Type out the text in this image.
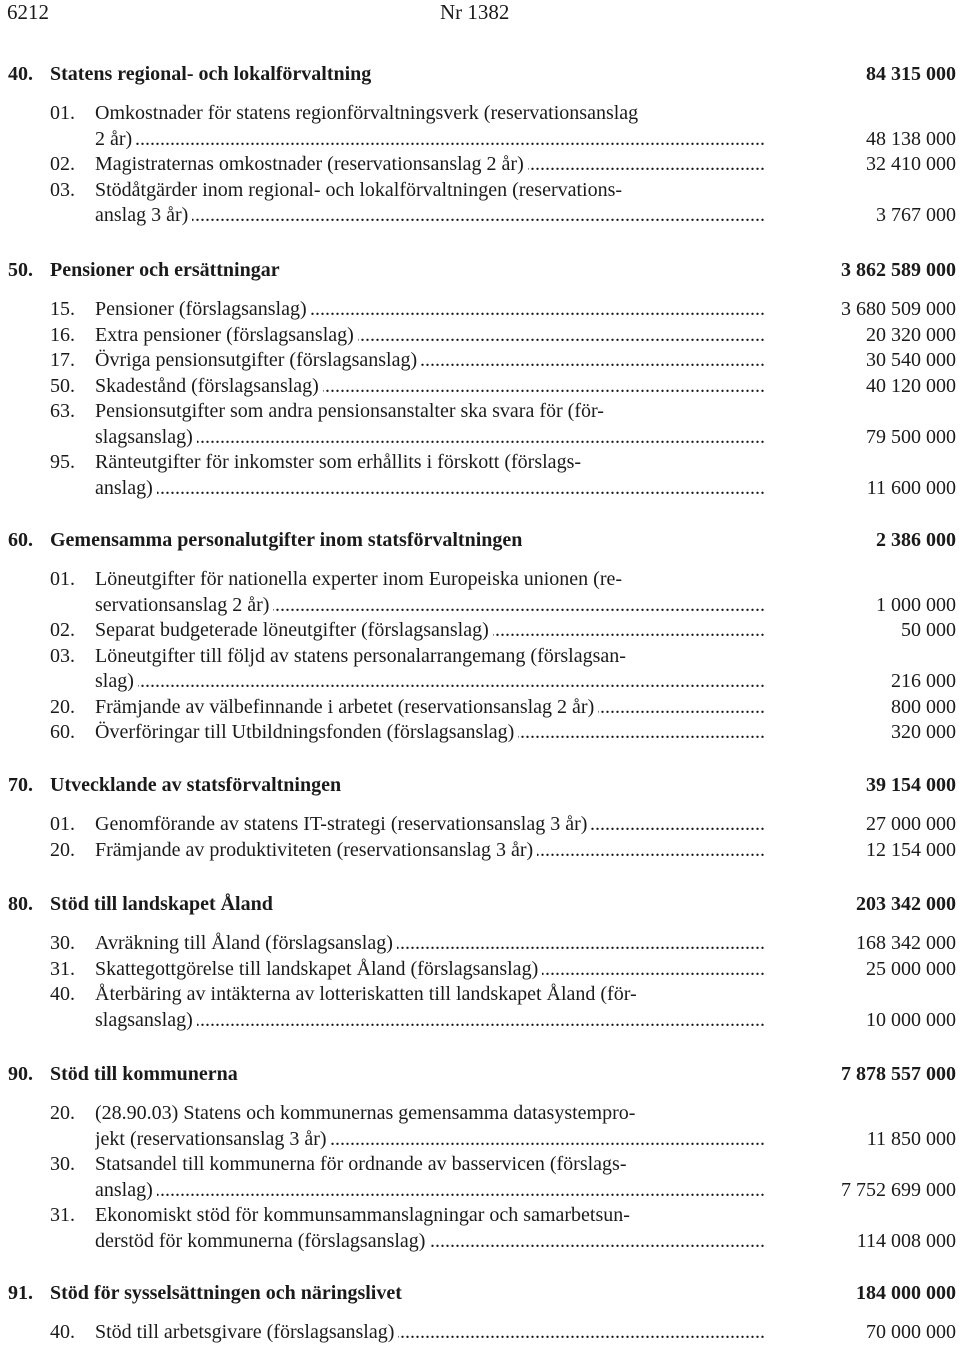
6212	Nr 1382
40. Statens regional- och lokalförvaltning	84 315 000
01. Omkostnader för statens regionförvaltningsverk (reservationsanslag
2 år) .....	48 138 000
02. Magistraternas omkostnader (reservationsanslag 2 år) .....	32 410 000
03. Stödåtgärder inom regional- och lokalförvaltningen (reservations-
anslag 3 år) .....	3 767 000
50. Pensioner och ersättningar	3 862 589 000
15. Pensioner (förslagsanslag) .....	3 680 509 000
16. Extra pensioner (förslagsanslag) .....	20 320 000
17. Övriga pensionsutgifter (förslagsanslag) .....	30 540 000
50. Skadestånd (förslagsanslag) .....	40 120 000
63. Pensionsutgifter som andra pensionsanstalter ska svara för (för-
slagsanslag) .....	79 500 000
95. Ränteutgifter för inkomster som erhållits i förskott (förslags-
anslag) .....	11 600 000
60. Gemensamma personalutgifter inom statsförvaltningen	2 386 000
01. Löneutgifter för nationella experter inom Europeiska unionen (re-
servationsanslag 2 år) .....	1 000 000
02. Separat budgeterade löneutgifter (förslagsanslag) .....	50 000
03. Löneutgifter till följd av statens personalarrangemang (förslagsan-
slag) .....	216 000
20. Främjande av välbefinnande i arbetet (reservationsanslag 2 år) .....	800 000
60. Överföringar till Utbildningsfonden (förslagsanslag) .....	320 000
70. Utvecklande av statsförvaltningen	39 154 000
01. Genomförande av statens IT-strategi (reservationsanslag 3 år) .....	27 000 000
20. Främjande av produktiviteten (reservationsanslag 3 år) .....	12 154 000
80. Stöd till landskapet Åland	203 342 000
30. Avräkning till Åland (förslagsanslag) .....	168 342 000
31. Skattegottgörelse till landskapet Åland (förslagsanslag) .....	25 000 000
40. Återbäring av intäkterna av lotteriskatten till landskapet Åland (för-
slagsanslag) .....	10 000 000
90. Stöd till kommunerna	7 878 557 000
20. (28.90.03) Statens och kommunernas gemensamma datasystempro-
jekt (reservationsanslag 3 år) .....	11 850 000
30. Statsandel till kommunerna för ordnande av basservicen (förslags-
anslag) .....	7 752 699 000
31. Ekonomiskt stöd för kommunsammanslagningar och samarbetsun-
derstöd för kommunerna (förslagsanslag) .....	114 008 000
91. Stöd för sysselsättningen och näringslivet	184 000 000
40. Stöd till arbetsgivare (förslagsanslag) .....	70 000 000
